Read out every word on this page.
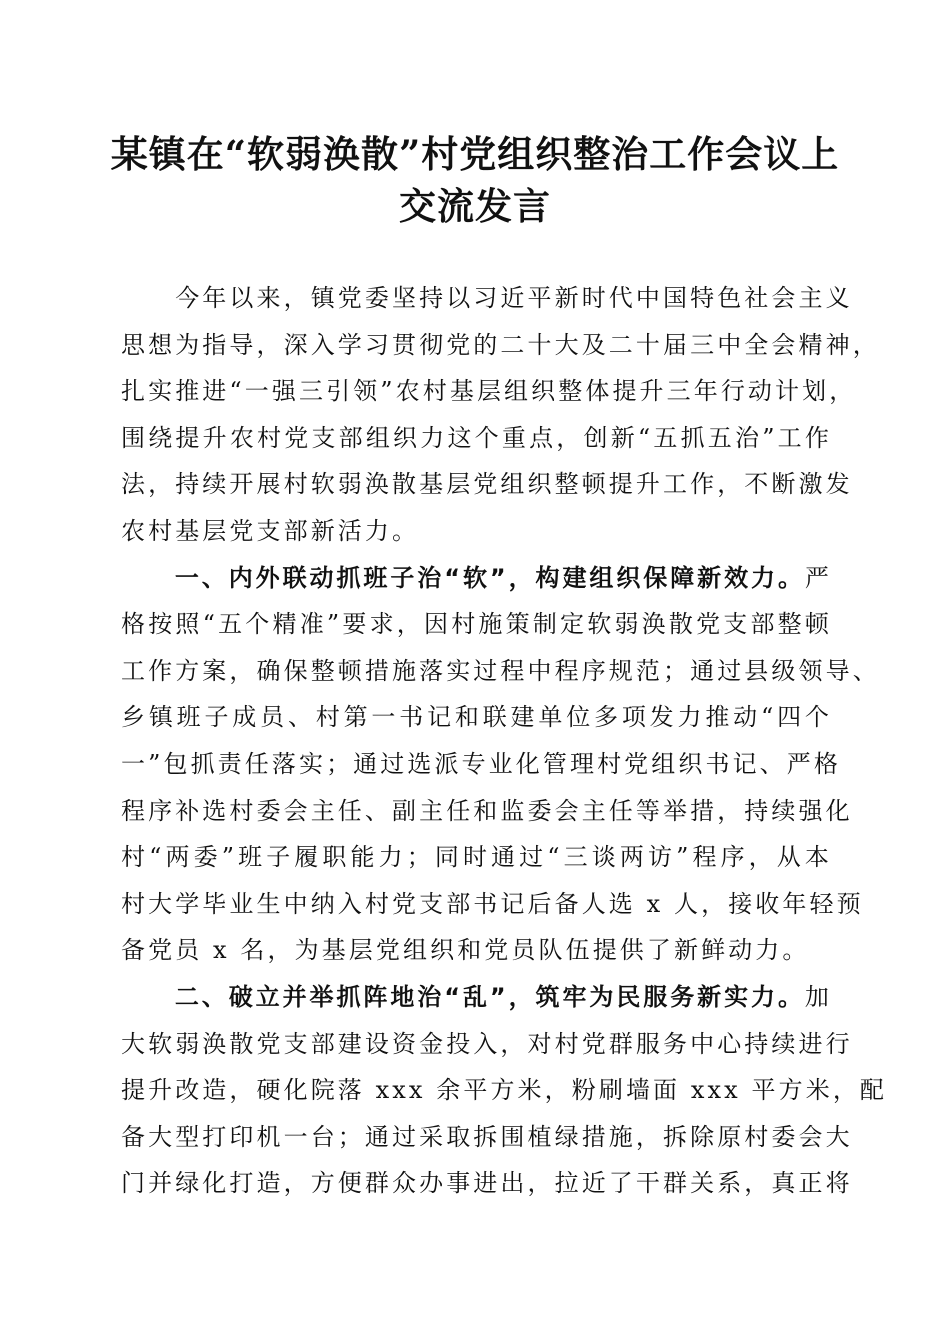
某镇在“软弱涣散”村党组织整治工作会议上
交流发言

　　今年以来，镇党委坚持以习近平新时代中国特色社会主义
思想为指导，深入学习贯彻党的二十大及二十届三中全会精神，
扎实推进“一强三引领”农村基层组织整体提升三年行动计划，
围绕提升农村党支部组织力这个重点，创新“五抓五治”工作
法，持续开展村软弱涣散基层党组织整顿提升工作，不断激发
农村基层党支部新活力。

　　一、内外联动抓班子治“软”，构建组织保障新效力。严
格按照“五个精准”要求，因村施策制定软弱涣散党支部整顿
工作方案，确保整顿措施落实过程中程序规范；通过县级领导、
乡镇班子成员、村第一书记和联建单位多项发力推动“四个
一”包抓责任落实；通过选派专业化管理村党组织书记、严格
程序补选村委会主任、副主任和监委会主任等举措，持续强化
村“两委”班子履职能力；同时通过“三谈两访”程序，从本
村大学毕业生中纳入村党支部书记后备人选 x 人，接收年轻预
备党员 x 名，为基层党组织和党员队伍提供了新鲜动力。

　　二、破立并举抓阵地治“乱”，筑牢为民服务新实力。加
大软弱涣散党支部建设资金投入，对村党群服务中心持续进行
提升改造，硬化院落 xxx 余平方米，粉刷墙面 xxx 平方米，配
备大型打印机一台；通过采取拆围植绿措施，拆除原村委会大
门并绿化打造，方便群众办事进出，拉近了干群关系，真正将
